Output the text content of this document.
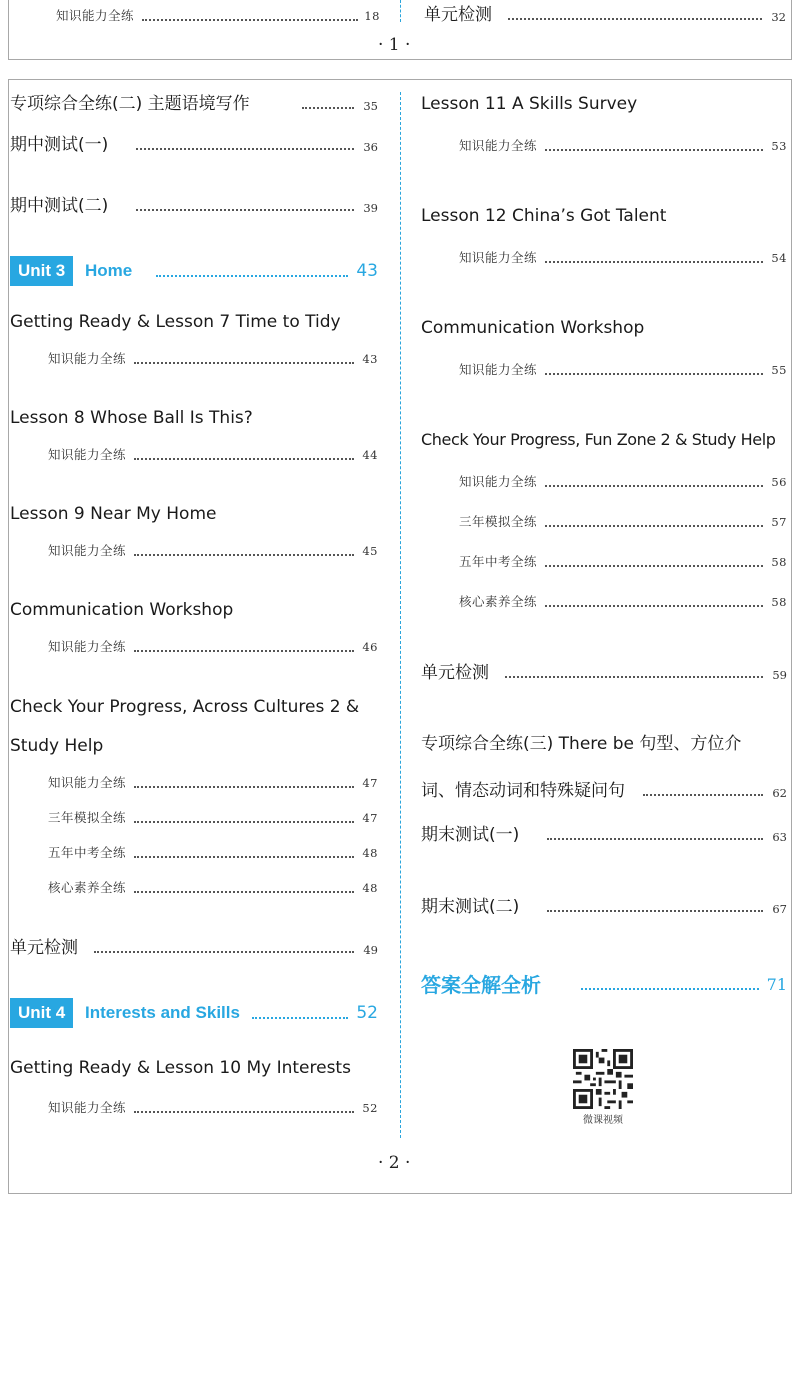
知识能力全练	18	单元检测	32
· 1 ·
专项综合全练(二) 主题语境写作	35
期中测试(一)	36
期中测试(二)	39
Unit 3	Home	43
Getting Ready & Lesson 7 Time to Tidy
知识能力全练	43
Lesson 8 Whose Ball Is This?
知识能力全练	44
Lesson 9 Near My Home
知识能力全练	45
Communication Workshop
知识能力全练	46
Check Your Progress, Across Cultures 2 &
Study Help
知识能力全练	47
三年模拟全练	47
五年中考全练	48
核心素养全练	48
单元检测	49
Unit 4	Interests and Skills	52
Getting Ready & Lesson 10 My Interests
知识能力全练	52
Lesson 11 A Skills Survey
知识能力全练	53
Lesson 12 China’s Got Talent
知识能力全练	54
Communication Workshop
知识能力全练	55
Check Your Progress, Fun Zone 2 & Study Help
知识能力全练	56
三年模拟全练	57
五年中考全练	58
核心素养全练	58
单元检测	59
专项综合全练(三) There be 句型、方位介
词、情态动词和特殊疑问句	62
期末测试(一)	63
期末测试(二)	67
答案全解全析	71
微课视频
· 2 ·
